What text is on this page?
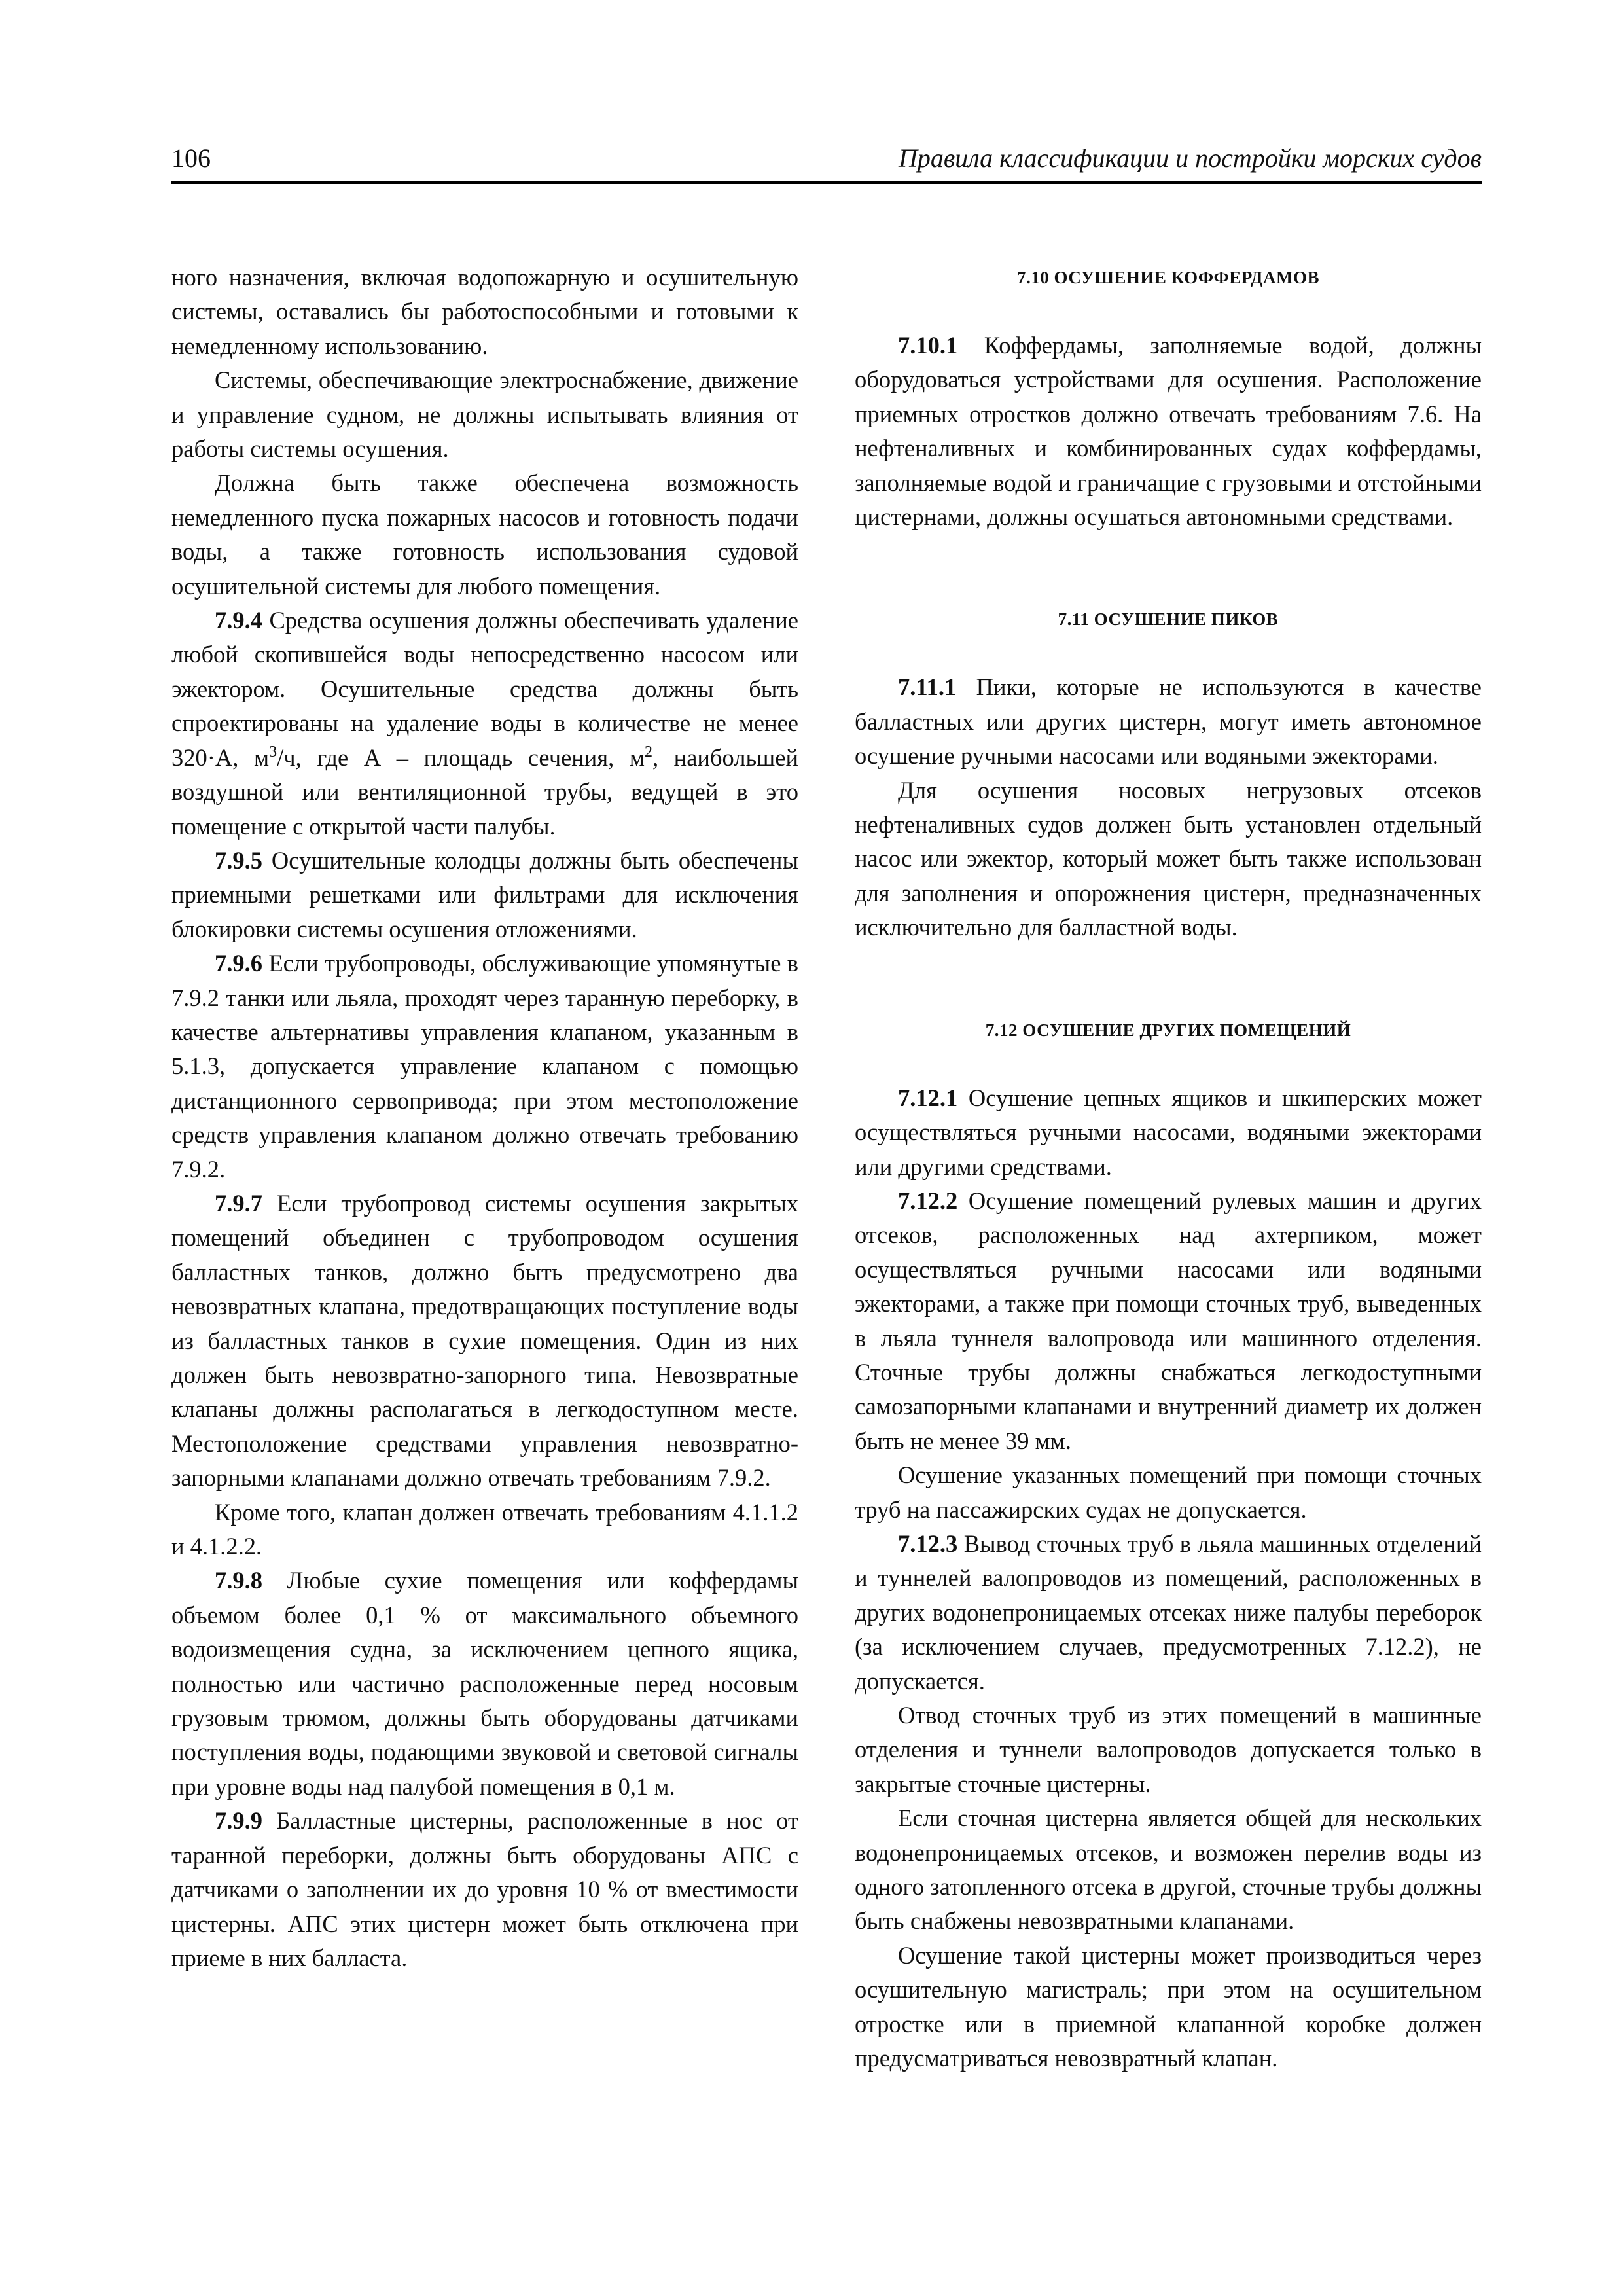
106	Правила классификации и постройки морских судов

ного назначения, включая водопожарную и осушительную системы, оставались бы работоспособными и готовыми к немедленному использованию.

Системы, обеспечивающие электроснабжение, движение и управление судном, не должны испытывать влияния от работы системы осушения.

Должна быть также обеспечена возможность немедленного пуска пожарных насосов и готовность подачи воды, а также готовность использования судовой осушительной системы для любого помещения.

7.9.4 Средства осушения должны обеспечивать удаление любой скопившейся воды непосредственно насосом или эжектором. Осушительные средства должны быть спроектированы на удаление воды в количестве не менее 320·А, $м^3/ч$, где А – площадь сечения, $м^2$, наибольшей воздушной или вентиляционной трубы, ведущей в это помещение с открытой части палубы.

7.9.5 Осушительные колодцы должны быть обеспечены приемными решетками или фильтрами для исключения блокировки системы осушения отложениями.

7.9.6 Если трубопроводы, обслуживающие упомянутые в 7.9.2 танки или льяла, проходят через таранную переборку, в качестве альтернативы управления клапаном, указанным в 5.1.3, допускается управление клапаном с помощью дистанционного сервопривода; при этом местоположение средств управления клапаном должно отвечать требованию 7.9.2.

7.9.7 Если трубопровод системы осушения закрытых помещений объединен с трубопроводом осушения балластных танков, должно быть предусмотрено два невозвратных клапана, предотвращающих поступление воды из балластных танков в сухие помещения. Один из них должен быть невозвратно-запорного типа. Невозвратные клапаны должны располагаться в легкодоступном месте. Местоположение средствами управления невозвратно-запорными клапанами должно отвечать требованиям 7.9.2.

Кроме того, клапан должен отвечать требованиям 4.1.1.2 и 4.1.2.2.

7.9.8 Любые сухие помещения или коффердамы объемом более 0,1 % от максимального объемного водоизмещения судна, за исключением цепного ящика, полностью или частично расположенные перед носовым грузовым трюмом, должны быть оборудованы датчиками поступления воды, подающими звуковой и световой сигналы при уровне воды над палубой помещения в 0,1 м.

7.9.9 Балластные цистерны, расположенные в нос от таранной переборки, должны быть оборудованы АПС с датчиками о заполнении их до уровня 10 % от вместимости цистерны. АПС этих цистерн может быть отключена при приеме в них балласта.

7.10 ОСУШЕНИЕ КОФФЕРДАМОВ

7.10.1 Коффердамы, заполняемые водой, должны оборудоваться устройствами для осушения. Расположение приемных отростков должно отвечать требованиям 7.6. На нефтеналивных и комбинированных судах коффердамы, заполняемые водой и граничащие с грузовыми и отстойными цистернами, должны осушаться автономными средствами.

7.11 ОСУШЕНИЕ ПИКОВ

7.11.1 Пики, которые не используются в качестве балластных или других цистерн, могут иметь автономное осушение ручными насосами или водяными эжекторами.

Для осушения носовых негрузовых отсеков нефтеналивных судов должен быть установлен отдельный насос или эжектор, который может быть также использован для заполнения и опорожнения цистерн, предназначенных исключительно для балластной воды.

7.12 ОСУШЕНИЕ ДРУГИХ ПОМЕЩЕНИЙ

7.12.1 Осушение цепных ящиков и шкиперских может осуществляться ручными насосами, водяными эжекторами или другими средствами.

7.12.2 Осушение помещений рулевых машин и других отсеков, расположенных над ахтерпиком, может осуществляться ручными насосами или водяными эжекторами, а также при помощи сточных труб, выведенных в льяла туннеля валопровода или машинного отделения. Сточные трубы должны снабжаться легкодоступными самозапорными клапанами и внутренний диаметр их должен быть не менее 39 мм.

Осушение указанных помещений при помощи сточных труб на пассажирских судах не допускается.

7.12.3 Вывод сточных труб в льяла машинных отделений и туннелей валопроводов из помещений, расположенных в других водонепроницаемых отсеках ниже палубы переборок (за исключением случаев, предусмотренных 7.12.2), не допускается.

Отвод сточных труб из этих помещений в машинные отделения и туннели валопроводов допускается только в закрытые сточные цистерны.

Если сточная цистерна является общей для нескольких водонепроницаемых отсеков, и возможен перелив воды из одного затопленного отсека в другой, сточные трубы должны быть снабжены невозвратными клапанами.

Осушение такой цистерны может производиться через осушительную магистраль; при этом на осушительном отростке или в приемной клапанной коробке должен предусматриваться невозвратный клапан.
